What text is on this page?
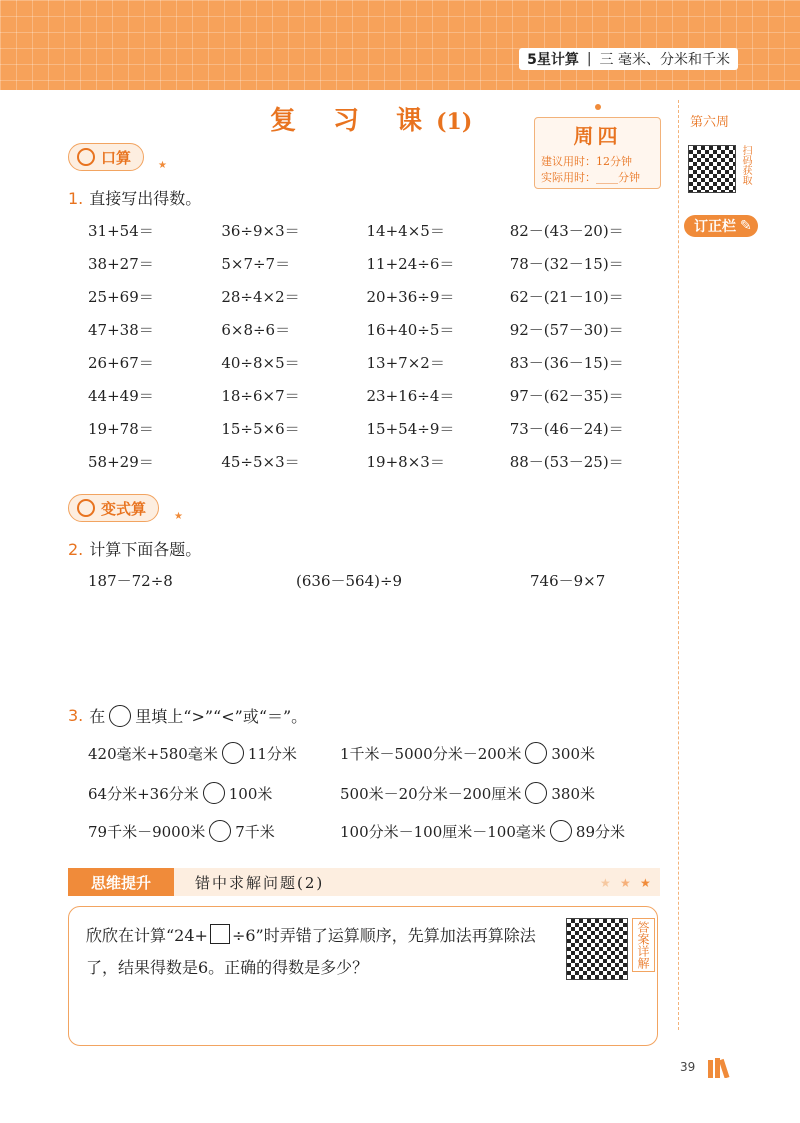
5星计算 | 三 毫米、分米和千米
复 习 课(1)
周四
建议用时：12分钟
实际用时：____分钟
第六周
扫码获取
订正栏 ✎
口算	★
1. 直接写出得数。
31+54＝	36÷9×3＝	14+4×5＝	82－(43－20)＝
38+27＝	5×7÷7＝	11+24÷6＝	78－(32－15)＝
25+69＝	28÷4×2＝	20+36÷9＝	62－(21－10)＝
47+38＝	6×8÷6＝	16+40÷5＝	92－(57－30)＝
26+67＝	40÷8×5＝	13+7×2＝	83－(36－15)＝
44+49＝	18÷6×7＝	23+16÷4＝	97－(62－35)＝
19+78＝	15÷5×6＝	15+54÷9＝	73－(46－24)＝
58+29＝	45÷5×3＝	19+8×3＝	88－(53－25)＝
变式算	★
2. 计算下面各题。
187－72÷8	(636－564)÷9	746－9×7
3. 在 里填上“>”“<”或“＝”。
420毫米+580毫米 11分米	1千米－5000分米－200米 300米
64分米+36分米 100米	500米－20分米－200厘米 380米
79千米－9000米 7千米	100分米－100厘米－100毫米 89分米
思维提升	错中求解问题(2)	★ ★ ★
欣欣在计算“24+ ÷6”时弄错了运算顺序，先算加法再算除法了，结果得数是6。正确的得数是多少？	答案详解
39
